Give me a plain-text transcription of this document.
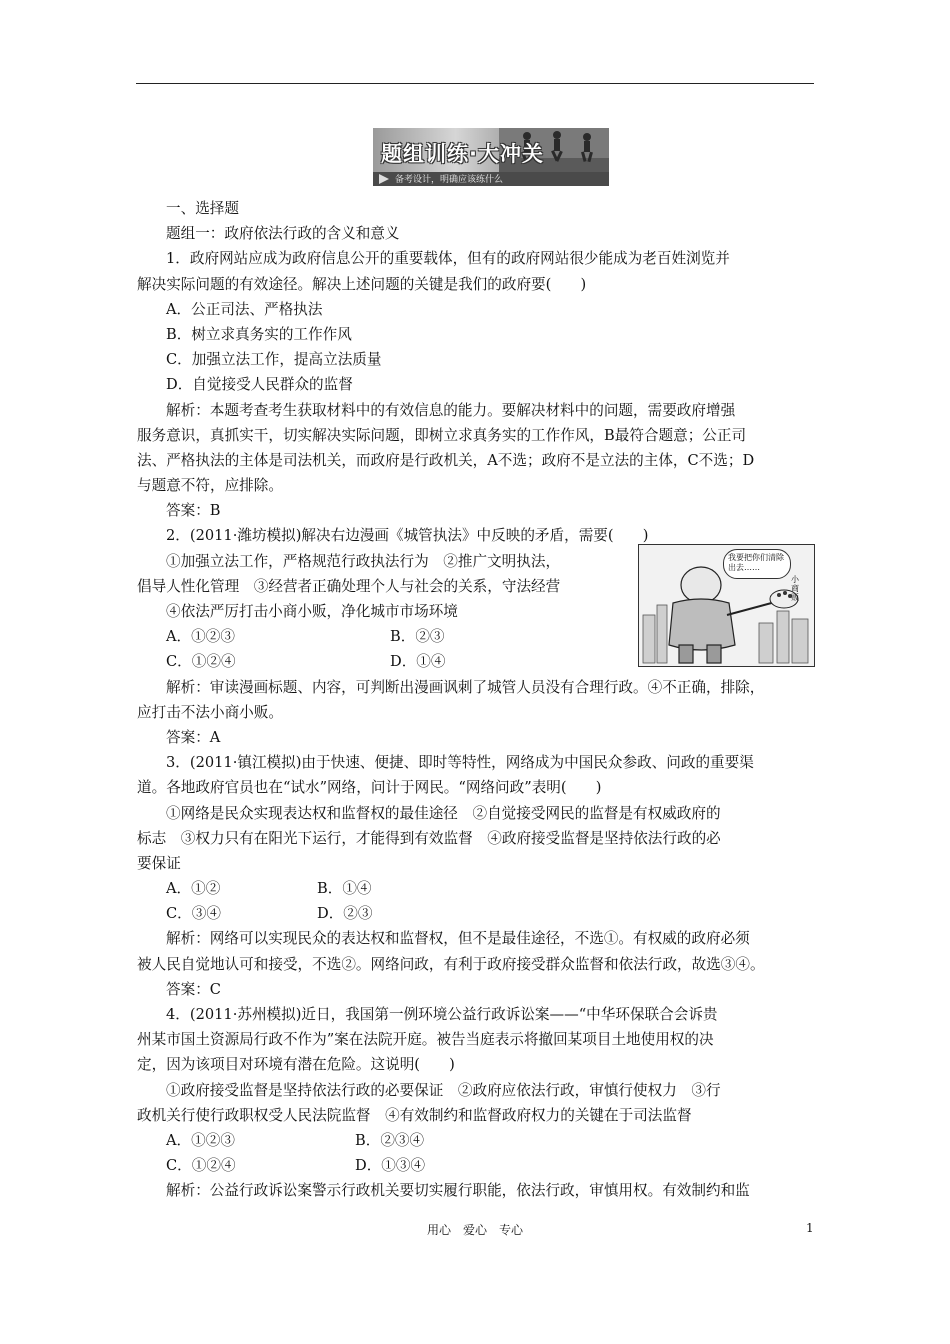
题组训练·大冲关
备考设计，明确应该练什么
一、选择题
题组一：政府依法行政的含义和意义
1．政府网站应成为政府信息公开的重要载体，但有的政府网站很少能成为老百姓浏览并
解决实际问题的有效途径。解决上述问题的关键是我们的政府要(　　)
A．公正司法、严格执法
B．树立求真务实的工作作风
C．加强立法工作，提高立法质量
D．自觉接受人民群众的监督
解析：本题考查考生获取材料中的有效信息的能力。要解决材料中的问题，需要政府增强
服务意识，真抓实干，切实解决实际问题，即树立求真务实的工作作风，B最符合题意；公正司
法、严格执法的主体是司法机关，而政府是行政机关，A不选；政府不是立法的主体，C不选；D
与题意不符，应排除。
答案：B
2．(2011·潍坊模拟)解决右边漫画《城管执法》中反映的矛盾，需要(　　)
①加强立法工作，严格规范行政执法行为　②推广文明执法，
倡导人性化管理　③经营者正确处理个人与社会的关系，守法经营
④依法严厉打击小商小贩，净化城市市场环境
A．①②③	B．②③
C．①②④	D．①④
解析：审读漫画标题、内容，可判断出漫画讽刺了城管人员没有合理行政。④不正确，排除，
应打击不法小商小贩。
答案：A
3．(2011·镇江模拟)由于快速、便捷、即时等特性，网络成为中国民众参政、问政的重要渠
道。各地政府官员也在“试水”网络，问计于网民。“网络问政”表明(　　)
①网络是民众实现表达权和监督权的最佳途径　②自觉接受网民的监督是有权威政府的
标志　③权力只有在阳光下运行，才能得到有效监督　④政府接受监督是坚持依法行政的必
要保证
A．①②	B．①④
C．③④	D．②③
解析：网络可以实现民众的表达权和监督权，但不是最佳途径，不选①。有权威的政府必须
被人民自觉地认可和接受，不选②。网络问政，有利于政府接受群众监督和依法行政，故选③④。
答案：C
4．(2011·苏州模拟)近日，我国第一例环境公益行政诉讼案——“中华环保联合会诉贵
州某市国土资源局行政不作为”案在法院开庭。被告当庭表示将撤回某项目土地使用权的决
定，因为该项目对环境有潜在危险。这说明(　　)
①政府接受监督是坚持依法行政的必要保证　②政府应依法行政，审慎行使权力　③行
政机关行使行政职权受人民法院监督　④有效制约和监督政府权力的关键在于司法监督
A．①②③	B．②③④
C．①②④	D．①③④
解析：公益行政诉讼案警示行政机关要切实履行职能，依法行政，审慎用权。有效制约和监
我要把你们清除出去……
小商贩
用心　爱心　专心	1
